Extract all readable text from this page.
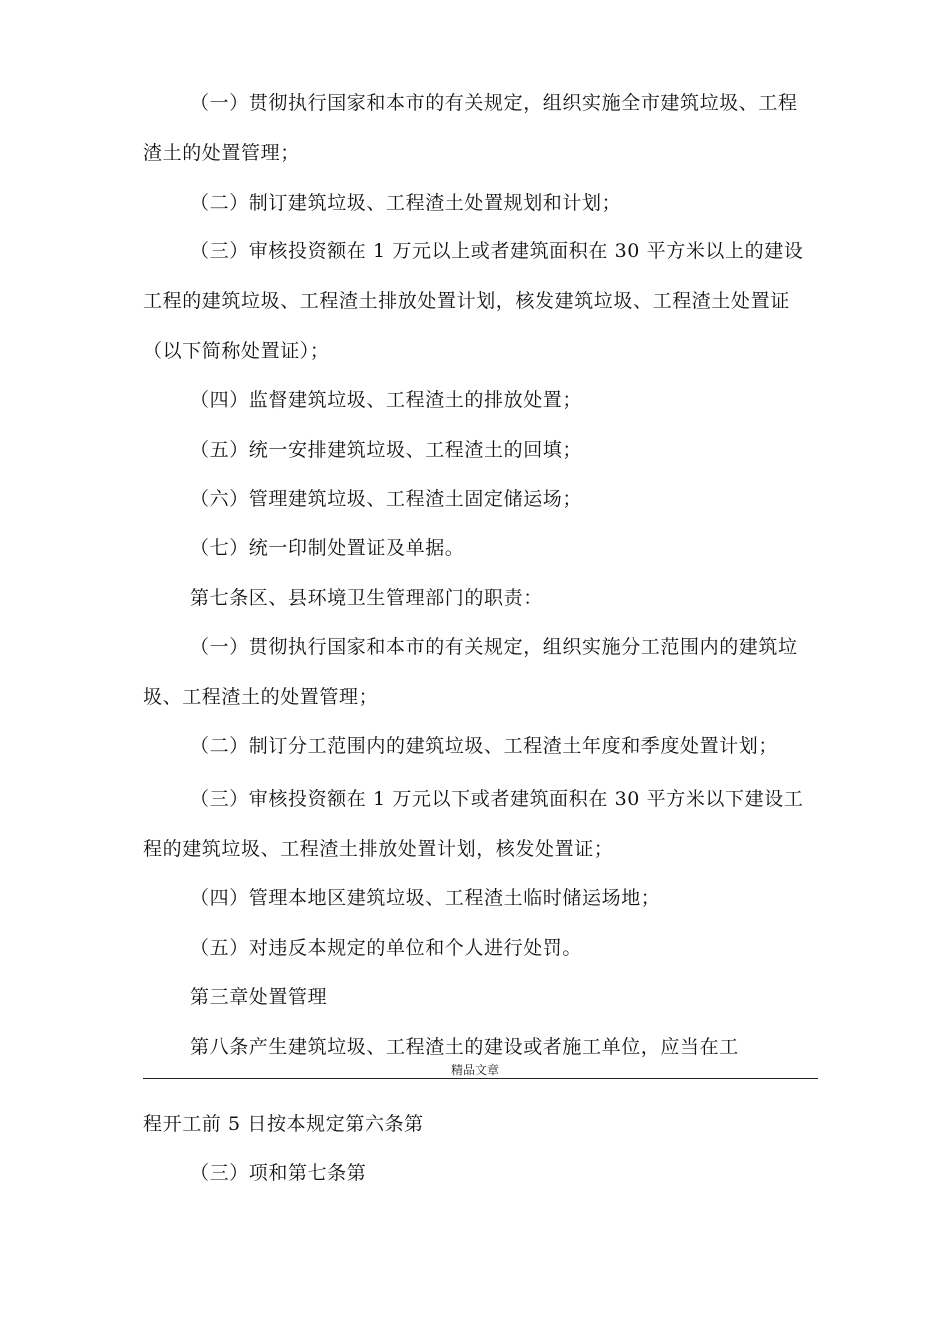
（一）贯彻执行国家和本市的有关规定，组织实施全市建筑垃圾、工程
渣土的处置管理；
（二）制订建筑垃圾、工程渣土处置规划和计划；
（三）审核投资额在 1 万元以上或者建筑面积在 30 平方米以上的建设
工程的建筑垃圾、工程渣土排放处置计划，核发建筑垃圾、工程渣土处置证
（以下简称处置证）；
（四）监督建筑垃圾、工程渣土的排放处置；
（五）统一安排建筑垃圾、工程渣土的回填；
（六）管理建筑垃圾、工程渣土固定储运场；
（七）统一印制处置证及单据。
第七条区、县环境卫生管理部门的职责：
（一）贯彻执行国家和本市的有关规定，组织实施分工范围内的建筑垃
圾、工程渣土的处置管理；
（二）制订分工范围内的建筑垃圾、工程渣土年度和季度处置计划；
（三）审核投资额在 1 万元以下或者建筑面积在 30 平方米以下建设工
程的建筑垃圾、工程渣土排放处置计划，核发处置证；
（四）管理本地区建筑垃圾、工程渣土临时储运场地；
（五）对违反本规定的单位和个人进行处罚。
第三章处置管理
第八条产生建筑垃圾、工程渣土的建设或者施工单位，应当在工
精品文章
程开工前 5 日按本规定第六条第
（三）项和第七条第
